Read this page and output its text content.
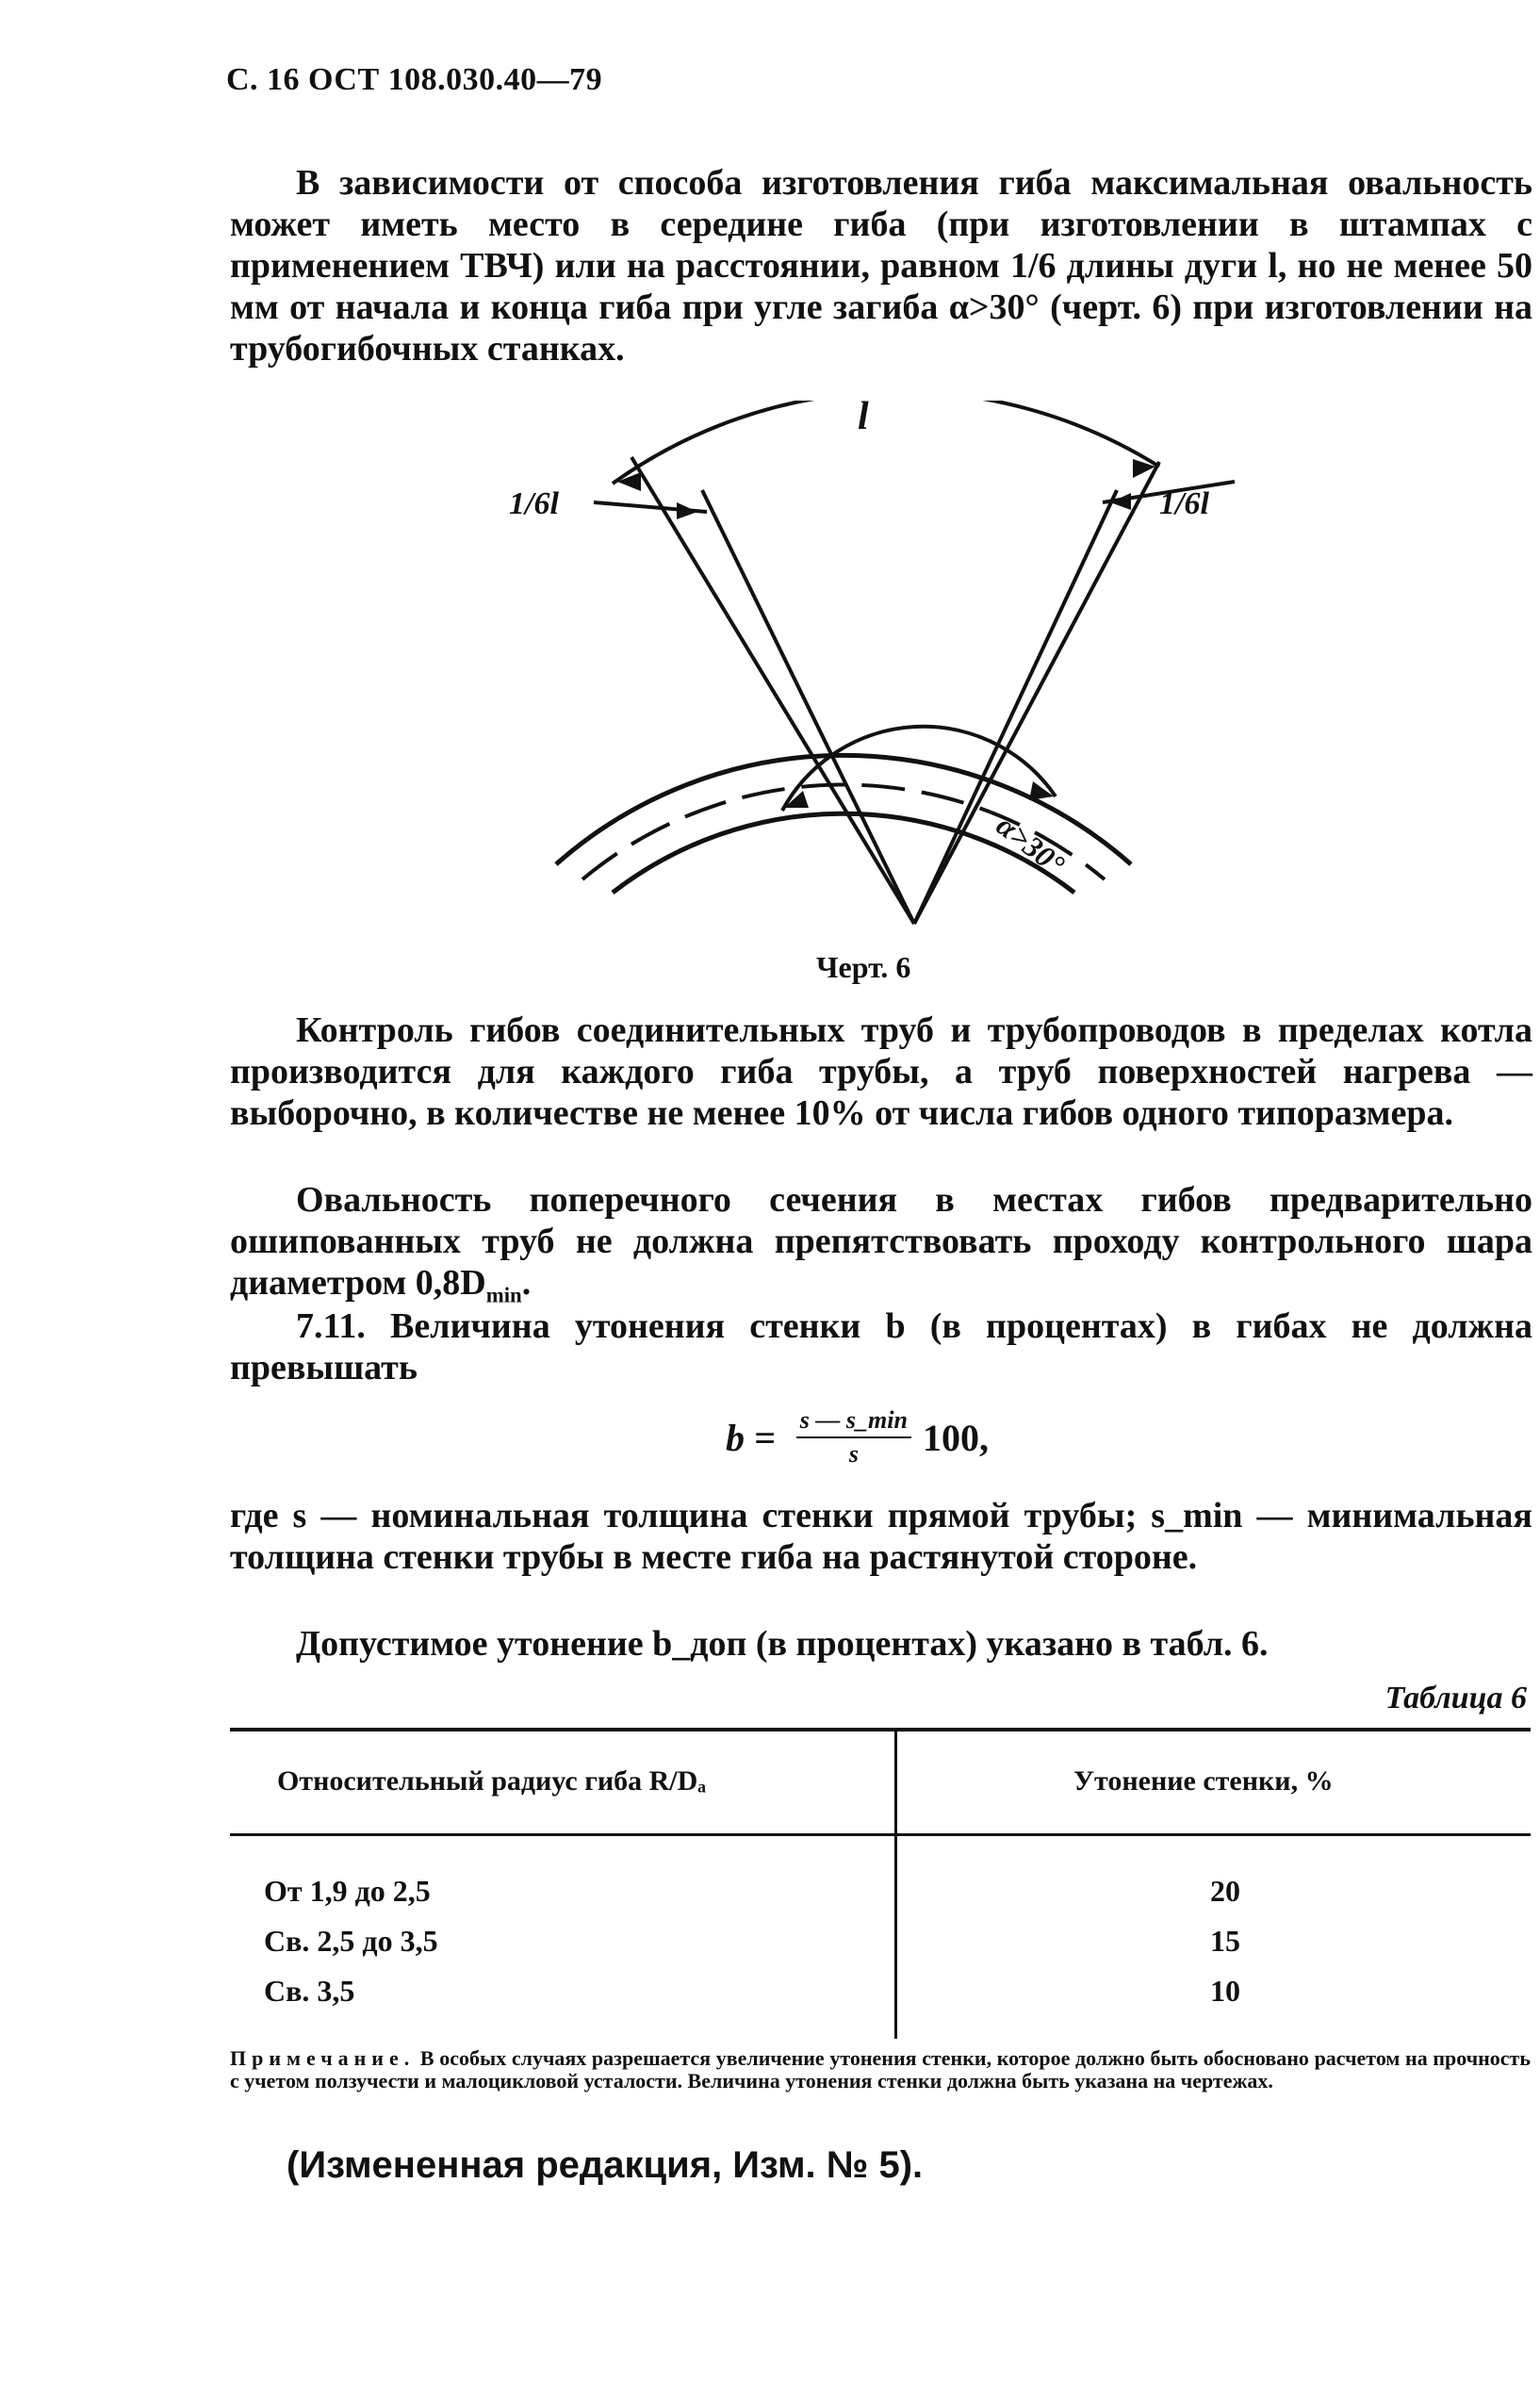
С. 16 ОСТ 108.030.40—79
В зависимости от способа изготовления гиба максимальная овальность может иметь место в середине гиба (при изготовлении в штампах с применением ТВЧ) или на расстоянии, равном 1/6 длины дуги l, но не менее 50 мм от начала и конца гиба при угле загиба α>30° (черт. 6) при изготовлении на трубогибочных станках.
l
1/6l	1/6l
α>30°
Черт. 6
Контроль гибов соединительных труб и трубопроводов в пределах котла производится для каждого гиба трубы, а труб поверхностей нагрева — выборочно, в количестве не менее 10% от числа гибов одного типоразмера.
Овальность поперечного сечения в местах гибов предварительно ошипованных труб не должна препятствовать проходу контрольного шара диаметром $0,8D_{min}$.
7.11. Величина утонения стенки b (в процентах) в гибах не должна превышать
$b = \frac{s — s\_\min}{s} 100$,
где s — номинальная толщина стенки прямой трубы; s_min — минимальная толщина стенки трубы в месте гиба на растянутой стороне.
Допустимое утонение b_доп (в процентах) указано в табл. 6.
Таблица 6
Относительный радиус гиба R/Dₐ	Утонение стенки, %
От 1,9 до 2,5	20
Св. 2,5 до 3,5	15
Св. 3,5	10
Примечание. В особых случаях разрешается увеличение утонения стенки, которое должно быть обосновано расчетом на прочность с учетом ползучести и малоцикловой усталости. Величина утонения стенки должна быть указана на чертежах.
(Измененная редакция, Изм. № 5).
